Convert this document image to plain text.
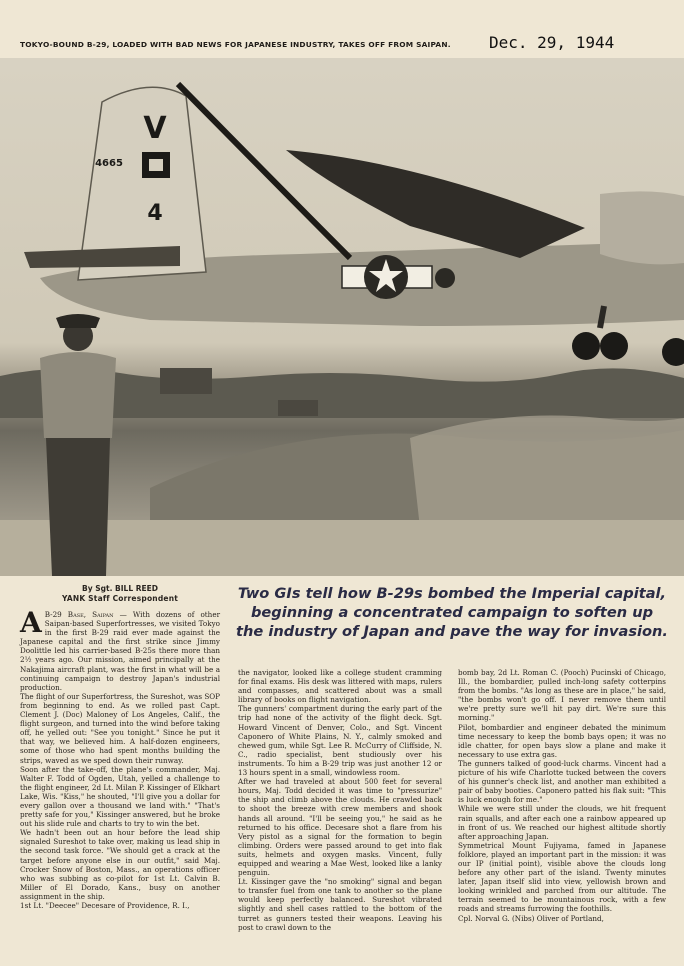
TOKYO-BOUND B-29, LOADED WITH BAD NEWS FOR JAPANESE INDUSTRY, TAKES OFF FROM SAIPAN. Dec. 29, 1944
V
4
4665
By Sgt. BILL REED
YANK Staff Correspondent	Two GIs tell how B-29s bombed the Imperial capital, beginning a concentrated campaign to soften up the industry of Japan and pave the way for invasion.

A B-29 Base, Saipan — With dozens of other Saipan-based Superfortresses, we visited Tokyo in the first B-29 raid ever made against the Japanese capital and the first strike since Jimmy Doolittle led his carrier-based B-25s there more than 2½ years ago. Our mission, aimed principally at the Nakajima aircraft plant, was the first in what will be a continuing campaign to destroy Japan's industrial production.

The flight of our Superfortress, the Sureshot, was SOP from beginning to end. As we rolled past Capt. Clement J. (Doc) Maloney of Los Angeles, Calif., the flight surgeon, and turned into the wind before taking off, he yelled out: "See you tonight." Since he put it that way, we believed him. A half-dozen engineers, some of those who had spent months building the strips, waved as we sped down their runway.

Soon after the take-off, the plane's commander, Maj. Walter F. Todd of Ogden, Utah, yelled a challenge to the flight engineer, 2d Lt. Milan P. Kissinger of Elkhart Lake, Wis. "Kiss," he shouted, "I'll give you a dollar for every gallon over a thousand we land with." "That's pretty safe for you," Kissinger answered, but he broke out his slide rule and charts to try to win the bet.

We hadn't been out an hour before the lead ship signaled Sureshot to take over, making us lead ship in the second task force. "We should get a crack at the target before anyone else in our outfit," said Maj. Crocker Snow of Boston, Mass., an operations officer who was subbing as co-pilot for 1st Lt. Calvin B. Miller of El Dorado, Kans., busy on another assignment in the ship.

1st Lt. "Deecee" Decesare of Providence, R. I.,

the navigator, looked like a college student cramming for final exams. His desk was littered with maps, rulers and compasses, and scattered about was a small library of books on flight navigation.

The gunners' compartment during the early part of the trip had none of the activity of the flight deck. Sgt. Howard Vincent of Denver, Colo., and Sgt. Vincent Caponero of White Plains, N. Y., calmly smoked and chewed gum, while Sgt. Lee R. McCurry of Cliffside, N. C., radio specialist, bent studiously over his instruments. To him a B-29 trip was just another 12 or 13 hours spent in a small, windowless room.

After we had traveled at about 500 feet for several hours, Maj. Todd decided it was time to "pressurize" the ship and climb above the clouds. He crawled back to shoot the breeze with crew members and shook hands all around. "I'll be seeing you," he said as he returned to his office. Decesare shot a flare from his Very pistol as a signal for the formation to begin climbing. Orders were passed around to get into flak suits, helmets and oxygen masks. Vincent, fully equipped and wearing a Mae West, looked like a lanky penguin.

Lt. Kissinger gave the "no smoking" signal and began to transfer fuel from one tank to another so the plane would keep perfectly balanced. Sureshot vibrated slightly and shell cases rattled to the bottom of the turret as gunners tested their weapons. Leaving his post to crawl down to the

bomb bay, 2d Lt. Roman C. (Pooch) Pucinski of Chicago, Ill., the bombardier, pulled inch-long safety cotterpins from the bombs. "As long as these are in place," he said, "the bombs won't go off. I never remove them until we're pretty sure we'll hit pay dirt. We're sure this morning."

Pilot, bombardier and engineer debated the minimum time necessary to keep the bomb bays open; it was no idle chatter, for open bays slow a plane and make it necessary to use extra gas.

The gunners talked of good-luck charms. Vincent had a picture of his wife Charlotte tucked between the covers of his gunner's check list, and another man exhibited a pair of baby booties. Caponero patted his flak suit: "This is luck enough for me."

While we were still under the clouds, we hit frequent rain squalls, and after each one a rainbow appeared up in front of us. We reached our highest altitude shortly after approaching Japan.

Symmetrical Mount Fujiyama, famed in Japanese folklore, played an important part in the mission: it was our IP (initial point), visible above the clouds long before any other part of the island. Twenty minutes later, Japan itself slid into view, yellowish brown and looking wrinkled and parched from our altitude. The terrain seemed to be mountainous rock, with a few roads and streams furrowing the foothills.

Cpl. Norval G. (Nibs) Oliver of Portland,
